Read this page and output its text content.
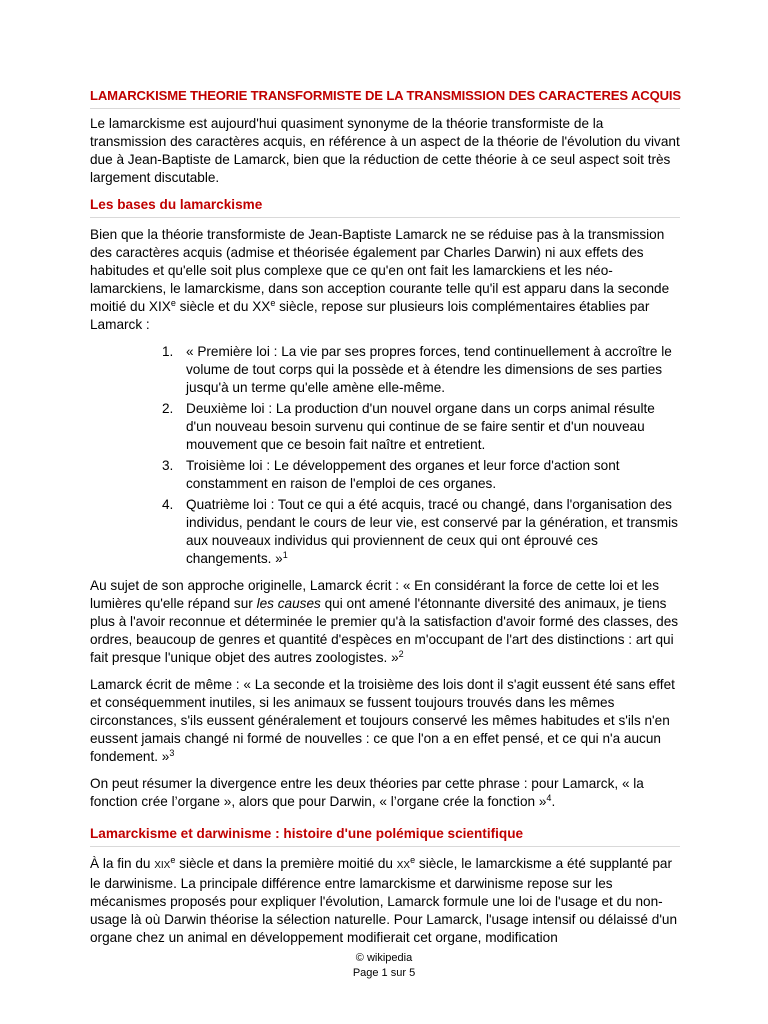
LAMARCKISME THEORIE TRANSFORMISTE DE LA TRANSMISSION DES CARACTERES ACQUIS

Le lamarckisme est aujourd'hui quasiment synonyme de la théorie transformiste de la transmission des caractères acquis, en référence à un aspect de la théorie de l'évolution du vivant due à Jean-Baptiste de Lamarck, bien que la réduction de cette théorie à ce seul aspect soit très largement discutable.

Les bases du lamarckisme

Bien que la théorie transformiste de Jean-Baptiste Lamarck ne se réduise pas à la transmission des caractères acquis (admise et théorisée également par Charles Darwin) ni aux effets des habitudes et qu'elle soit plus complexe que ce qu'en ont fait les lamarckiens et les néo-lamarckiens, le lamarckisme, dans son acception courante telle qu'il est apparu dans la seconde moitié du XIXe siècle et du XXe siècle, repose sur plusieurs lois complémentaires établies par Lamarck :

1. « Première loi : La vie par ses propres forces, tend continuellement à accroître le volume de tout corps qui la possède et à étendre les dimensions de ses parties jusqu'à un terme qu'elle amène elle-même.
2. Deuxième loi : La production d'un nouvel organe dans un corps animal résulte d'un nouveau besoin survenu qui continue de se faire sentir et d'un nouveau mouvement que ce besoin fait naître et entretient.
3. Troisième loi : Le développement des organes et leur force d'action sont constamment en raison de l'emploi de ces organes.
4. Quatrième loi : Tout ce qui a été acquis, tracé ou changé, dans l'organisation des individus, pendant le cours de leur vie, est conservé par la génération, et transmis aux nouveaux individus qui proviennent de ceux qui ont éprouvé ces changements. »$^1$

Au sujet de son approche originelle, Lamarck écrit : « En considérant la force de cette loi et les lumières qu'elle répand sur les causes qui ont amené l'étonnante diversité des animaux, je tiens plus à l'avoir reconnue et déterminée le premier qu'à la satisfaction d'avoir formé des classes, des ordres, beaucoup de genres et quantité d'espèces en m'occupant de l'art des distinctions : art qui fait presque l'unique objet des autres zoologistes. »$^2$

Lamarck écrit de même : « La seconde et la troisième des lois dont il s'agit eussent été sans effet et conséquemment inutiles, si les animaux se fussent toujours trouvés dans les mêmes circonstances, s'ils eussent généralement et toujours conservé les mêmes habitudes et s'ils n'en eussent jamais changé ni formé de nouvelles : ce que l'on a en effet pensé, et ce qui n'a aucun fondement. »$^3$

On peut résumer la divergence entre les deux théories par cette phrase : pour Lamarck, « la fonction crée l’organe », alors que pour Darwin, « l’organe crée la fonction »$^4$.

Lamarckisme et darwinisme : histoire d'une polémique scientifique

À la fin du XIXe siècle et dans la première moitié du XXe siècle, le lamarckisme a été supplanté par le darwinisme. La principale différence entre lamarckisme et darwinisme repose sur les mécanismes proposés pour expliquer l'évolution, Lamarck formule une loi de l'usage et du non-usage là où Darwin théorise la sélection naturelle. Pour Lamarck, l'usage intensif ou délaissé d'un organe chez un animal en développement modifierait cet organe, modification

© wikipedia
Page 1 sur 5
